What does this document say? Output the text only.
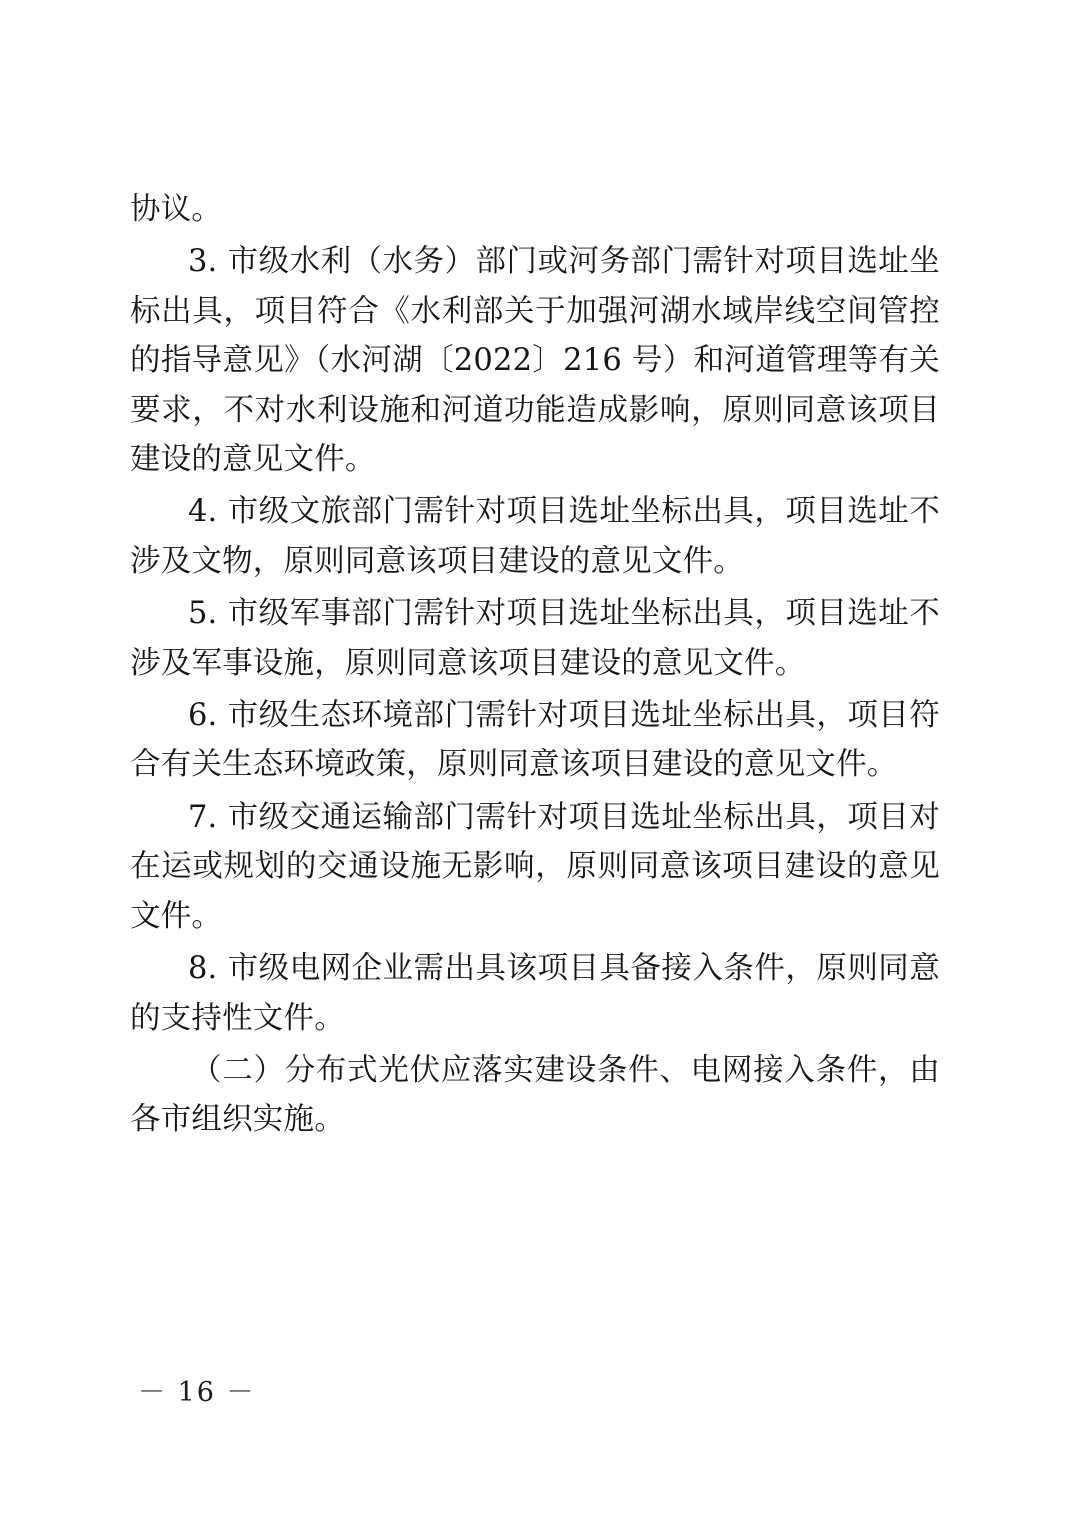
协议。

3. 市级水利（水务）部门或河务部门需针对项目选址坐标出具，项目符合《水利部关于加强河湖水域岸线空间管控的指导意见》（水河湖〔2022〕216 号）和河道管理等有关要求，不对水利设施和河道功能造成影响，原则同意该项目建设的意见文件。

4. 市级文旅部门需针对项目选址坐标出具，项目选址不涉及文物，原则同意该项目建设的意见文件。

5. 市级军事部门需针对项目选址坐标出具，项目选址不涉及军事设施，原则同意该项目建设的意见文件。

6. 市级生态环境部门需针对项目选址坐标出具，项目符合有关生态环境政策，原则同意该项目建设的意见文件。

7. 市级交通运输部门需针对项目选址坐标出具，项目对在运或规划的交通设施无影响，原则同意该项目建设的意见文件。

8. 市级电网企业需出具该项目具备接入条件，原则同意的支持性文件。

（二）分布式光伏应落实建设条件、电网接入条件，由各市组织实施。

－ 16 －
